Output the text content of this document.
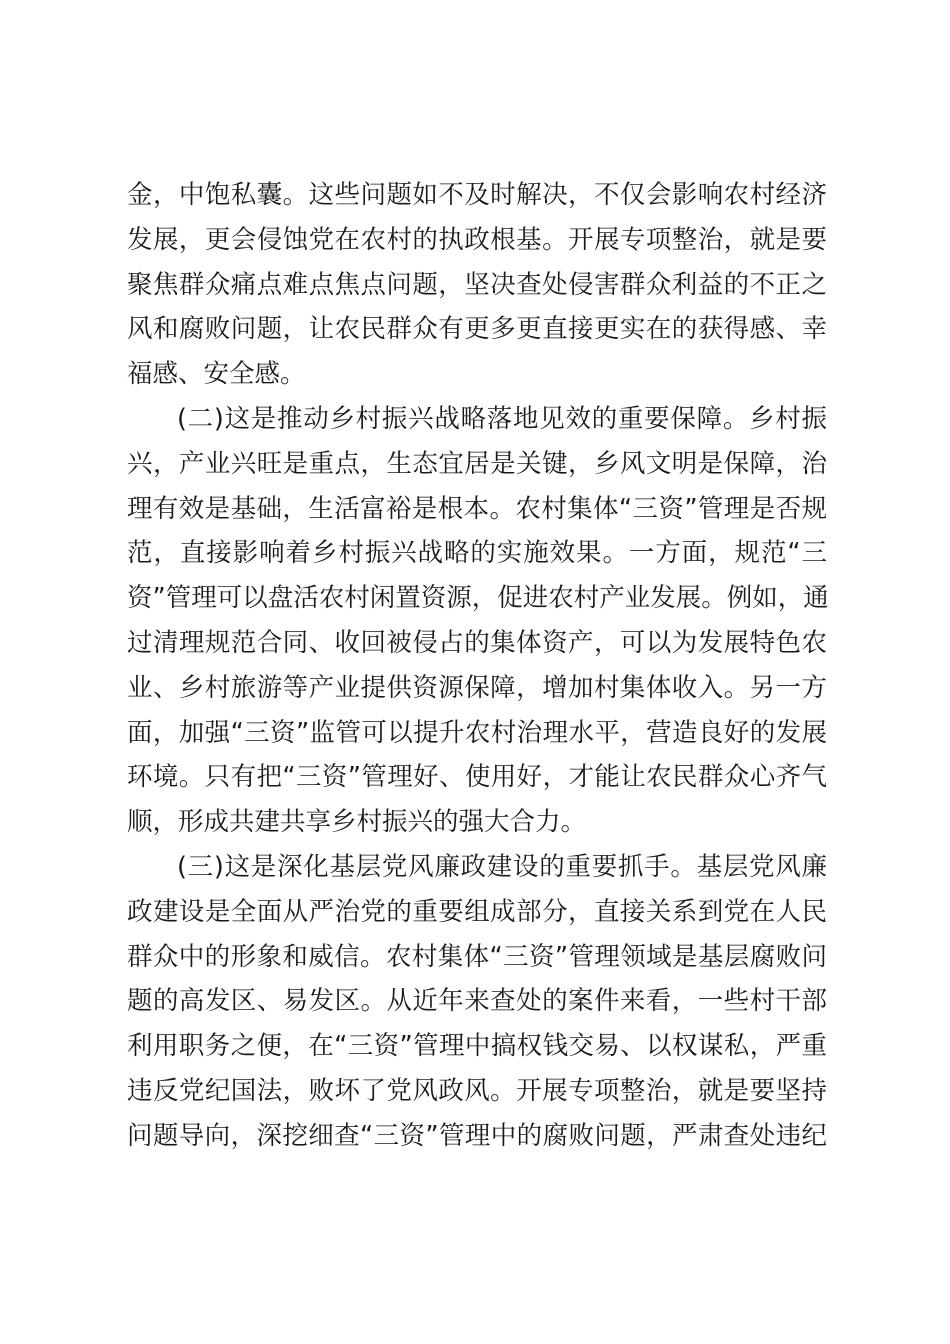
金，中饱私囊。这些问题如不及时解决，不仅会影响农村经济
发展，更会侵蚀党在农村的执政根基。开展专项整治，就是要
聚焦群众痛点难点焦点问题，坚决查处侵害群众利益的不正之
风和腐败问题，让农民群众有更多更直接更实在的获得感、幸
福感、安全感。
(二)这是推动乡村振兴战略落地见效的重要保障。乡村振
兴，产业兴旺是重点，生态宜居是关键，乡风文明是保障，治
理有效是基础，生活富裕是根本。农村集体“三资”管理是否规
范，直接影响着乡村振兴战略的实施效果。一方面，规范“三
资”管理可以盘活农村闲置资源，促进农村产业发展。例如，通
过清理规范合同、收回被侵占的集体资产，可以为发展特色农
业、乡村旅游等产业提供资源保障，增加村集体收入。另一方
面，加强“三资”监管可以提升农村治理水平，营造良好的发展
环境。只有把“三资”管理好、使用好，才能让农民群众心齐气
顺，形成共建共享乡村振兴的强大合力。
(三)这是深化基层党风廉政建设的重要抓手。基层党风廉
政建设是全面从严治党的重要组成部分，直接关系到党在人民
群众中的形象和威信。农村集体“三资”管理领域是基层腐败问
题的高发区、易发区。从近年来查处的案件来看，一些村干部
利用职务之便，在“三资”管理中搞权钱交易、以权谋私，严重
违反党纪国法，败坏了党风政风。开展专项整治，就是要坚持
问题导向，深挖细查“三资”管理中的腐败问题，严肃查处违纪
